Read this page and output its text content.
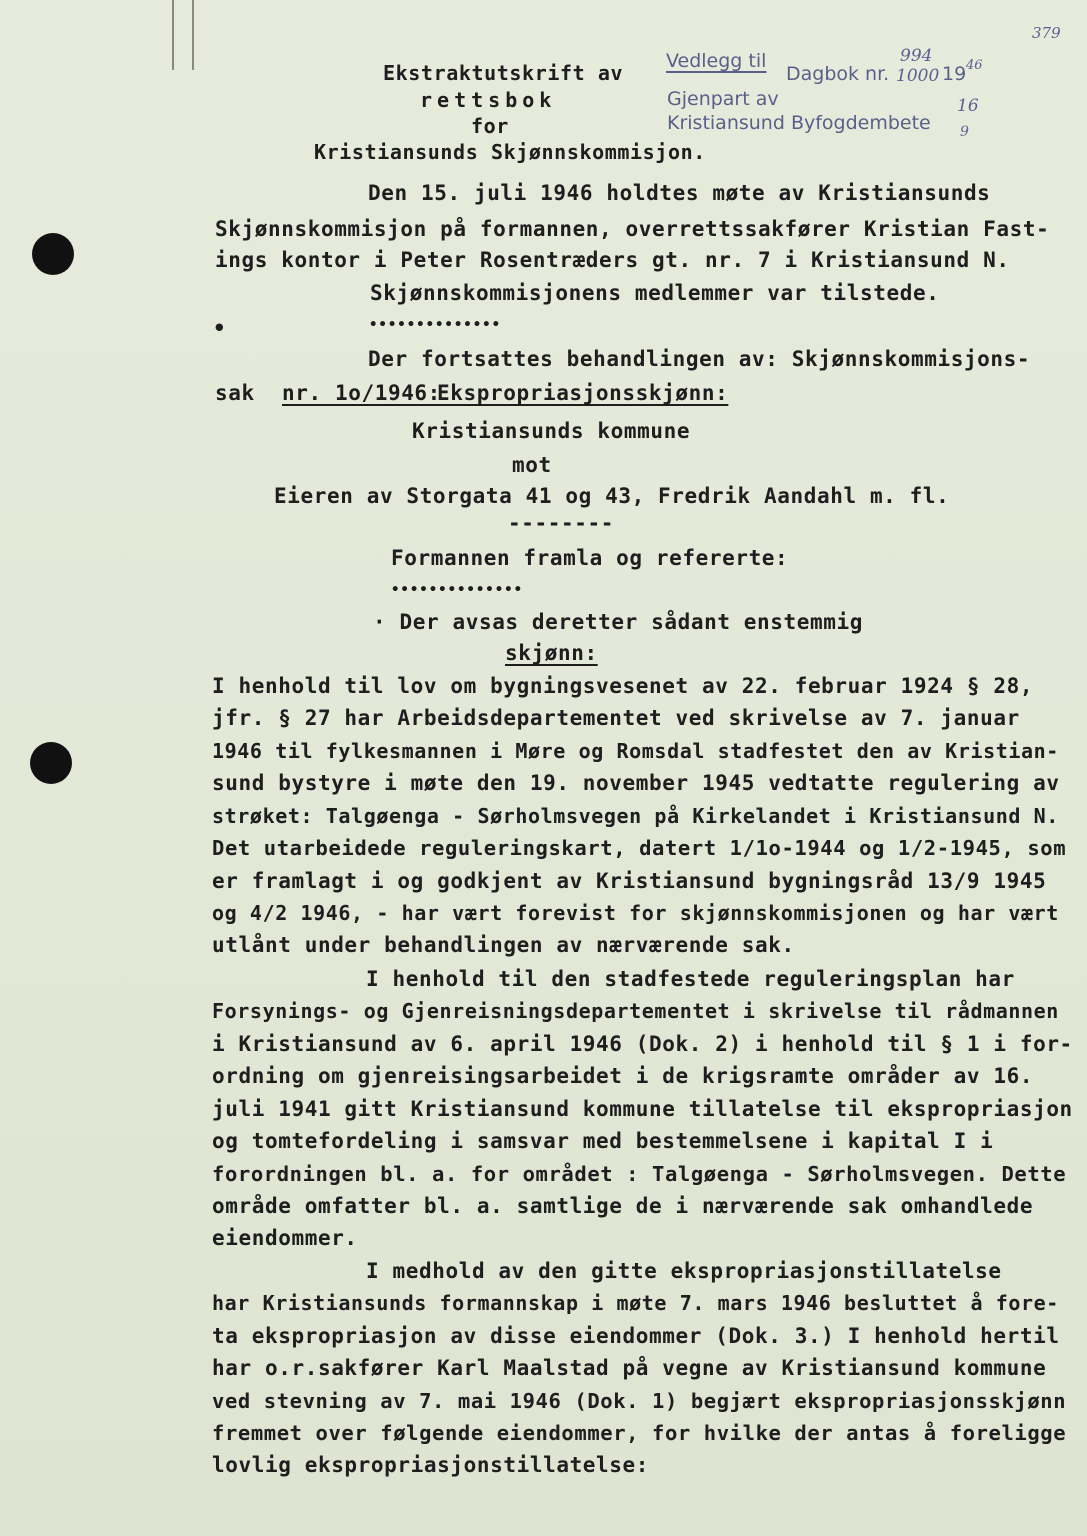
Vedlegg til
Dagbok nr.
994
1000 19 46
Gjenpart av
Kristiansund Byfogdembete
16
9
379
Ekstraktutskrift av
rettsbok
for
Kristiansunds Skjønnskommisjon.
Den 15. juli 1946 holdtes møte av Kristiansunds
Skjønnskommisjon på formannen, overrettssakfører Kristian Fast-
ings kontor i Peter Rosentræders gt. nr. 7 i Kristiansund N.
Skjønnskommisjonens medlemmer var tilstede.
•	••••••••••••••
Der fortsattes behandlingen av: Skjønnskommisjons-
sak nr. 1o/1946:
Ekspropriasjonsskjønn:
Kristiansunds kommune
mot
Eieren av Storgata 41 og 43, Fredrik Aandahl m. fl.
--------
Formannen framla og refererte:
••••••••••••••
· Der avsas deretter sådant enstemmig
skjønn:
I henhold til lov om bygningsvesenet av 22. februar 1924 § 28,
jfr. § 27 har Arbeidsdepartementet ved skrivelse av 7. januar
1946 til fylkesmannen i Møre og Romsdal stadfestet den av Kristian-
sund bystyre i møte den 19. november 1945 vedtatte regulering av
strøket: Talgøenga - Sørholmsvegen på Kirkelandet i Kristiansund N.
Det utarbeidede reguleringskart, datert 1/1o-1944 og 1/2-1945, som
er framlagt i og godkjent av Kristiansund bygningsråd 13/9 1945
og 4/2 1946, - har vært forevist for skjønnskommisjonen og har vært
utlånt under behandlingen av nærværende sak.
I henhold til den stadfestede reguleringsplan har
Forsynings- og Gjenreisningsdepartementet i skrivelse til rådmannen
i Kristiansund av 6. april 1946 (Dok. 2) i henhold til § 1 i for-
ordning om gjenreisingsarbeidet i de krigsramte områder av 16.
juli 1941 gitt Kristiansund kommune tillatelse til ekspropriasjon
og tomtefordeling i samsvar med bestemmelsene i kapital I i
forordningen bl. a. for området : Talgøenga - Sørholmsvegen. Dette
område omfatter bl. a. samtlige de i nærværende sak omhandlede
eiendommer.
I medhold av den gitte ekspropriasjonstillatelse
har Kristiansunds formannskap i møte 7. mars 1946 besluttet å fore-
ta ekspropriasjon av disse eiendommer (Dok. 3.) I henhold hertil
har o.r.sakfører Karl Maalstad på vegne av Kristiansund kommune
ved stevning av 7. mai 1946 (Dok. 1) begjært ekspropriasjonsskjønn
fremmet over følgende eiendommer, for hvilke der antas å foreligge
lovlig ekspropriasjonstillatelse:
